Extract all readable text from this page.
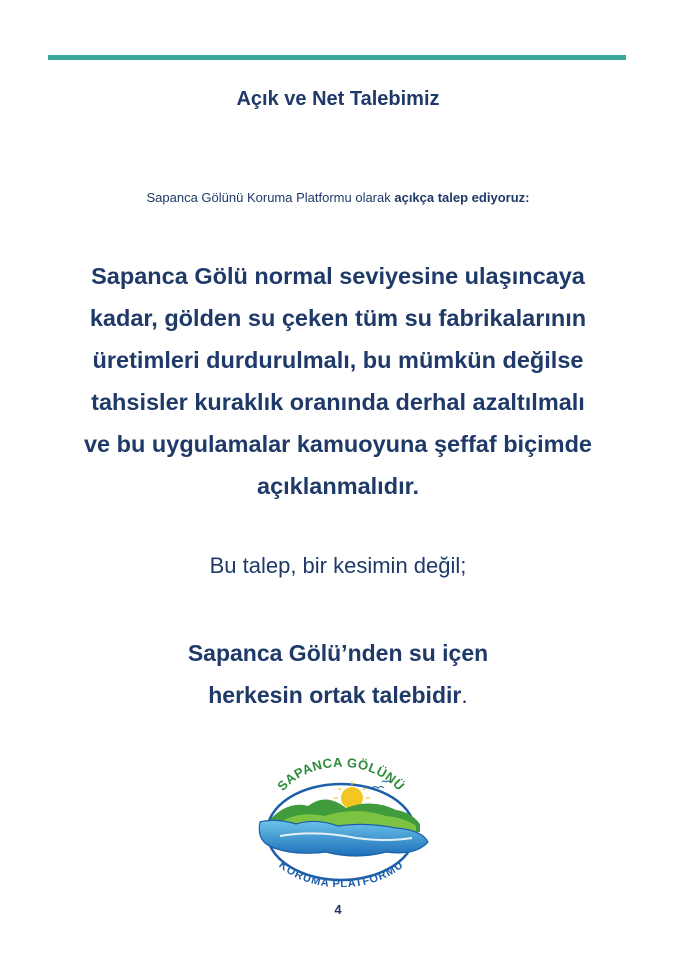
Açık ve Net Talebimiz
Sapanca Gölünü Koruma Platformu olarak açıkça talep ediyoruz:
Sapanca Gölü normal seviyesine ulaşıncaya
kadar, gölden su çeken tüm su fabrikalarının
üretimleri durdurulmalı, bu mümkün değilse
tahsisler kuraklık oranında derhal azaltılmalı
ve bu uygulamalar kamuoyuna şeffaf biçimde
açıklanmalıdır.
Bu talep, bir kesimin değil;
Sapanca Gölü’nden su içen
herkesin ortak talebidir.
SAPANCA GÖLÜNÜ
KORUMA PLATFORMU
4
